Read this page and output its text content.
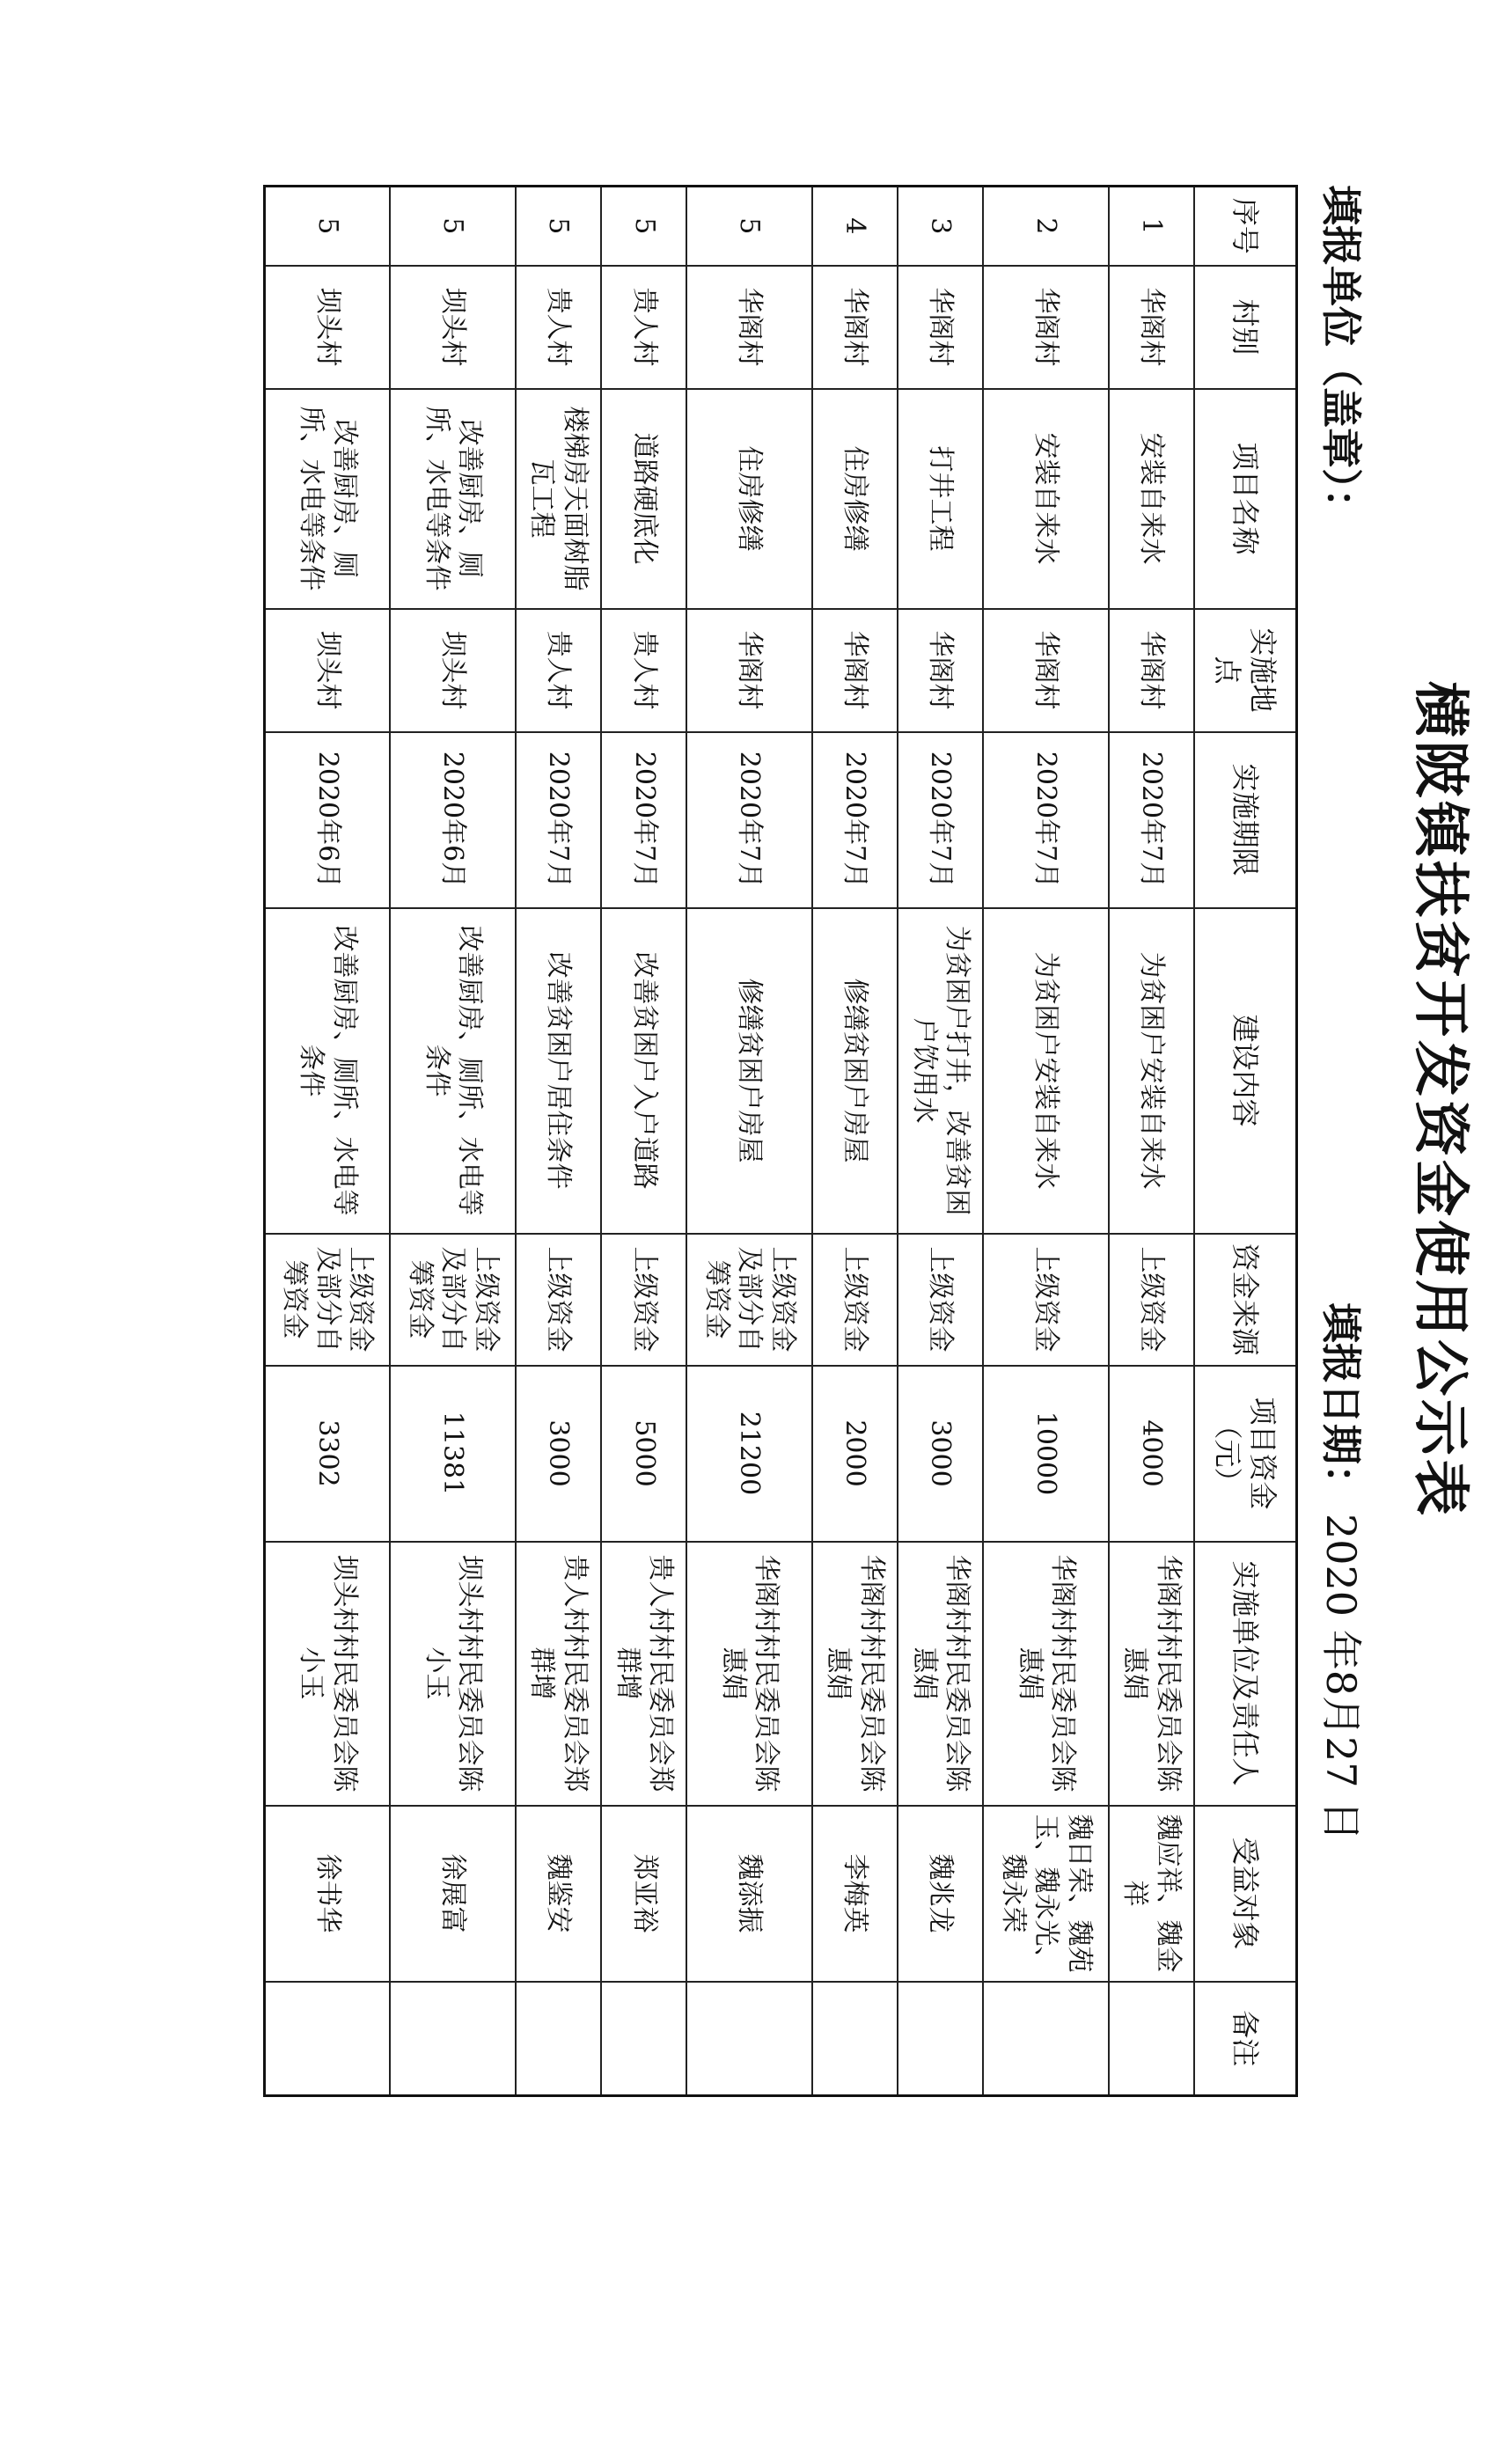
横陂镇扶贫开发资金使用公示表
填报单位（盖章）：
填报日期：
2020 年8月27 日
序号	村别	项目名称	实施地点	实施期限	建设内容	资金来源	项目资金（元）	实施单位及责任人	受益对象	备注
1	华阁村	安装自来水	华阁村	2020年7月	为贫困户安装自来水	上级资金	4000	华阁村村民委员会陈惠娟	魏应祥、魏金祥	
2	华阁村	安装自来水	华阁村	2020年7月	为贫困户安装自来水	上级资金	10000	华阁村村民委员会陈惠娟	魏日荣、魏苑玉、魏永光、魏永荣	
3	华阁村	打井工程	华阁村	2020年7月	为贫困户打井，改善贫困户饮用水	上级资金	3000	华阁村村民委员会陈惠娟	魏兆龙	
4	华阁村	住房修缮	华阁村	2020年7月	修缮贫困户房屋	上级资金	2000	华阁村村民委员会陈惠娟	李梅英	
5	华阁村	住房修缮	华阁村	2020年7月	修缮贫困户房屋	上级资金及部分自筹资金	21200	华阁村村民委员会陈惠娟	魏添振	
5	贵人村	道路硬底化	贵人村	2020年7月	改善贫困户入户道路	上级资金	5000	贵人村村民委员会郑群增	郑亚裕	
5	贵人村	楼梯房天面树脂瓦工程	贵人村	2020年7月	改善贫困户居住条件	上级资金	3000	贵人村村民委员会郑群增	魏鉴安	
5	坝头村	改善厨房、厕所、水电等条件	坝头村	2020年6月	改善厨房、厕所、水电等条件	上级资金及部分自筹资金	11381	坝头村村民委员会陈小玉	徐展富	
5	坝头村	改善厨房、厕所、水电等条件	坝头村	2020年6月	改善厨房、厕所、水电等条件	上级资金及部分自筹资金	3302	坝头村村民委员会陈小玉	徐书华	
